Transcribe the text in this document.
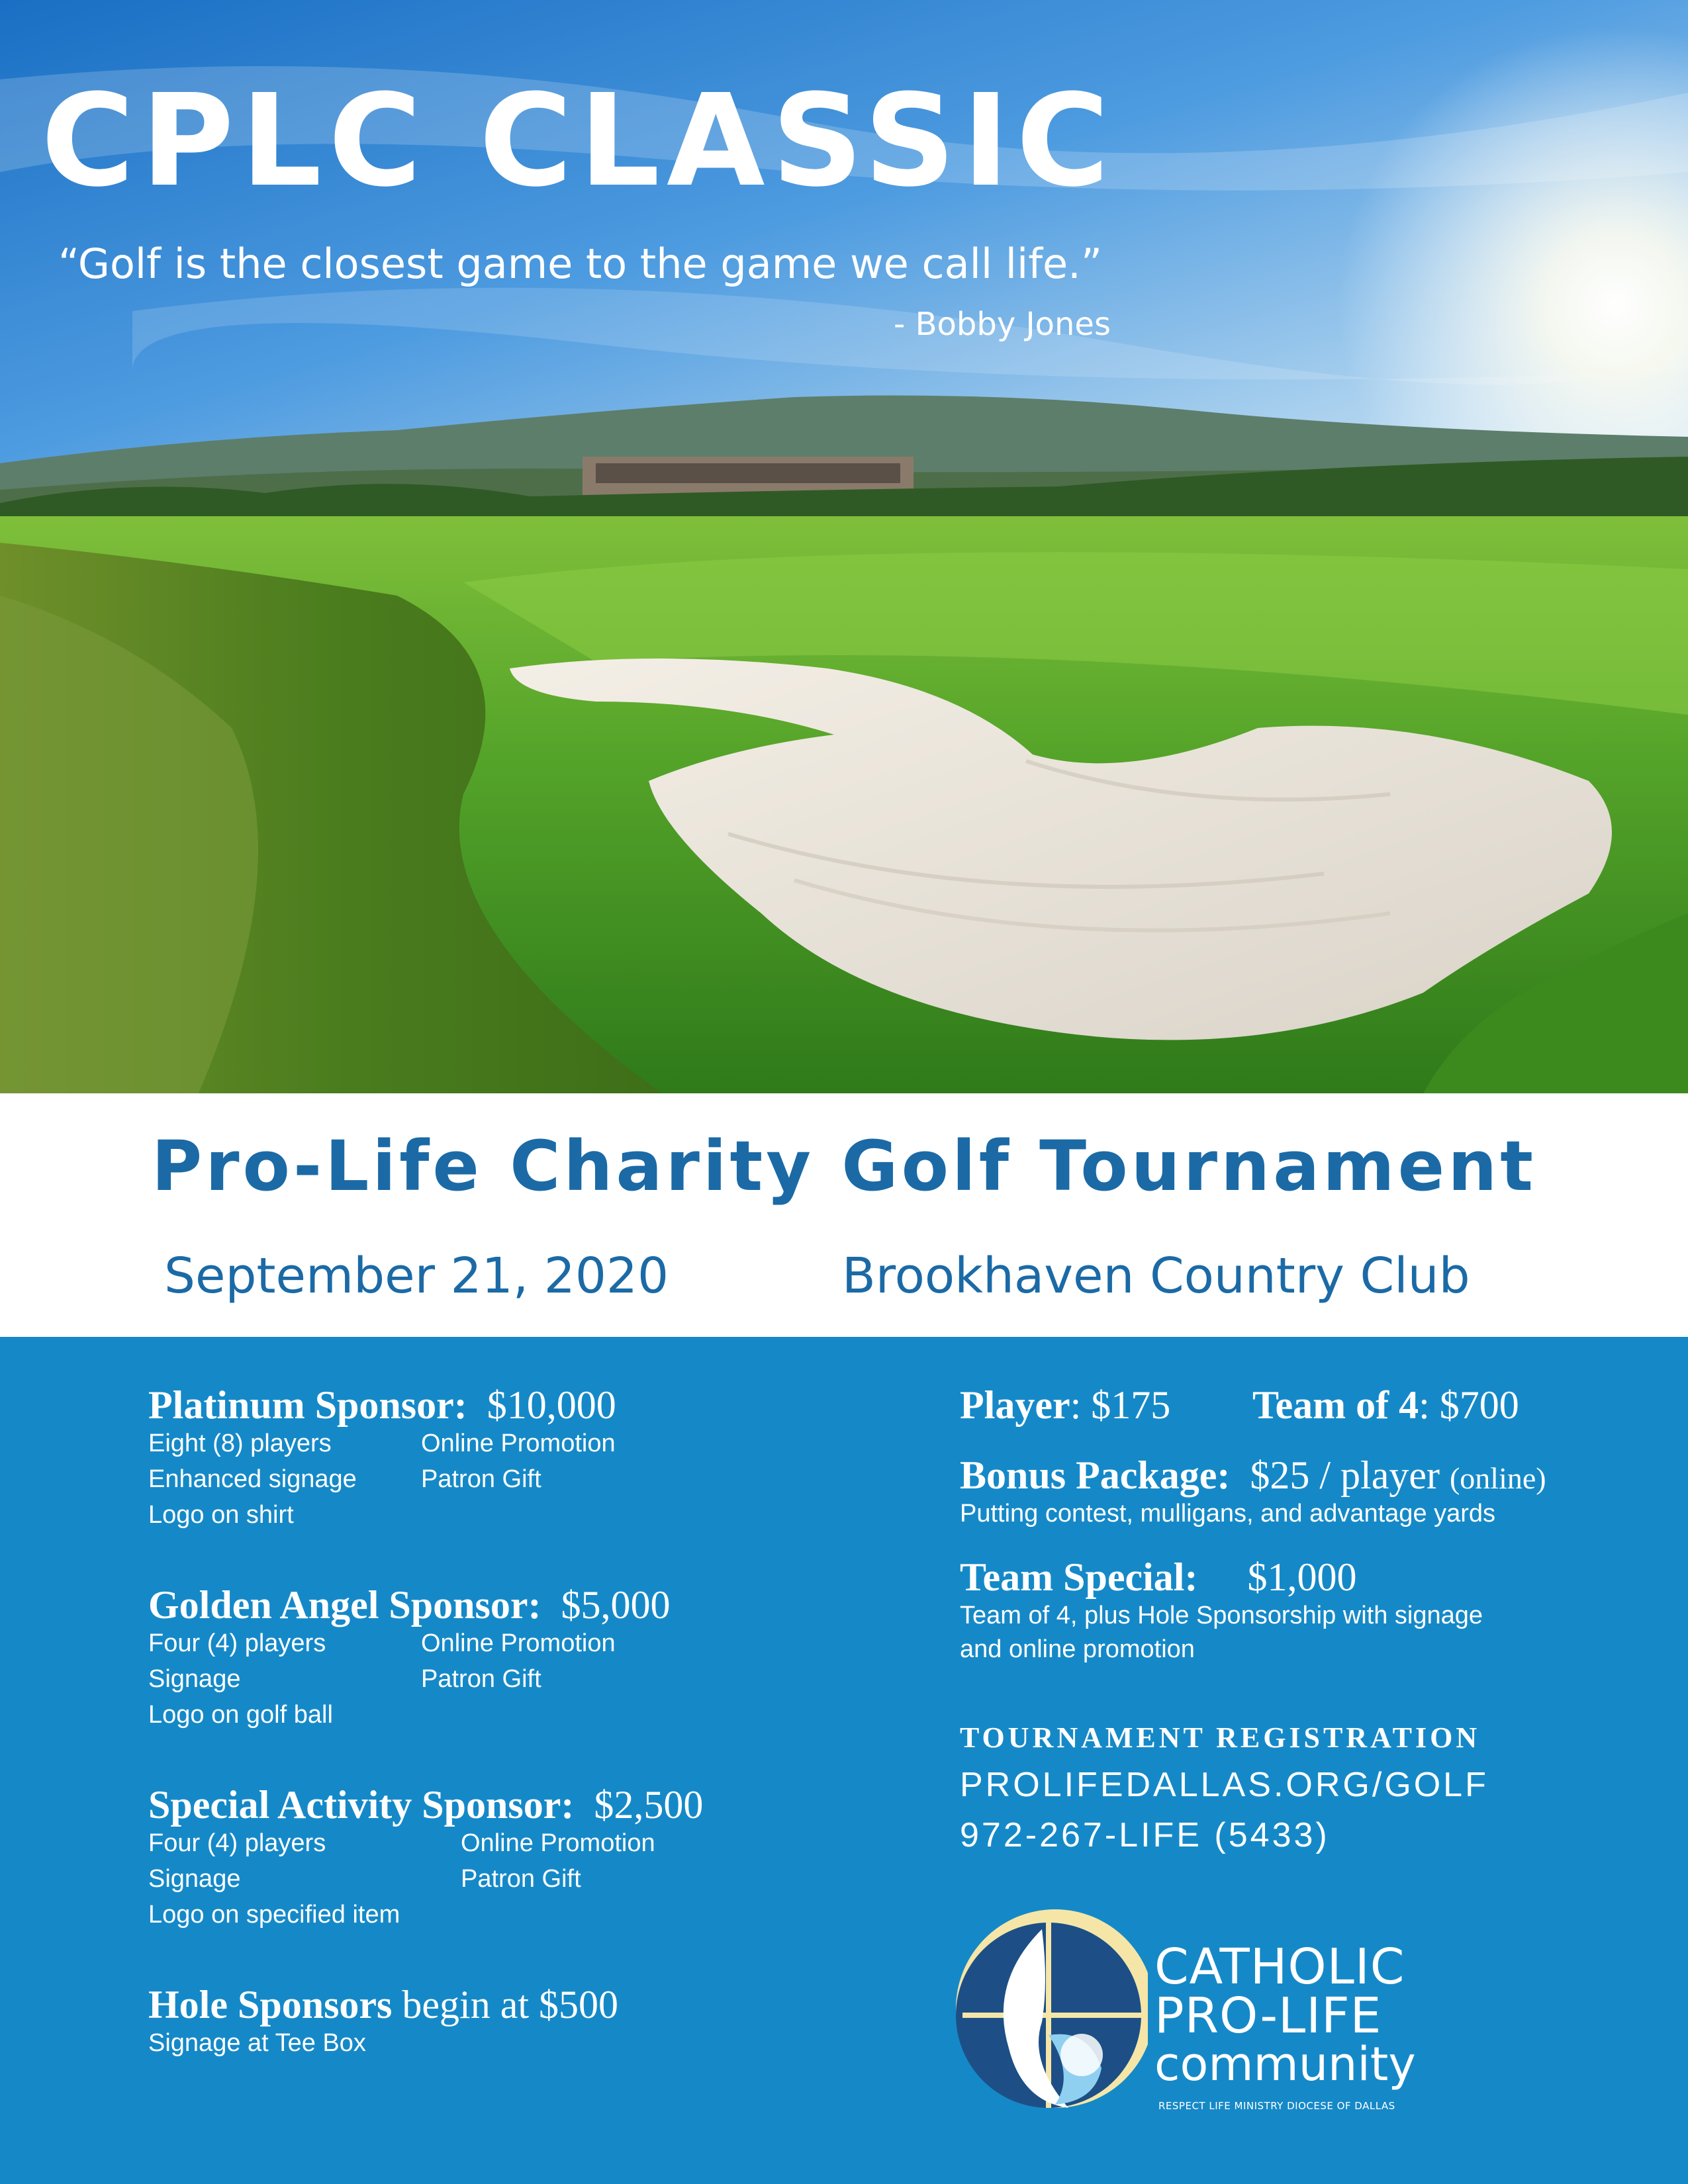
CPLC CLASSIC
“Golf is the closest game to the game we call life.”
- Bobby Jones
Pro-Life Charity Golf Tournament
September 21, 2020	Brookhaven Country Club
Platinum Sponsor: $10,000
Eight (8) players
Enhanced signage
Logo on shirt
Online Promotion
Patron Gift
Golden Angel Sponsor: $5,000
Four (4) players
Signage
Logo on golf ball
Online Promotion
Patron Gift
Special Activity Sponsor: $2,500
Four (4) players
Signage
Logo on specified item
Online Promotion
Patron Gift
Hole Sponsors begin at $500
Signage at Tee Box
Player: $175 Team of 4: $700
Bonus Package: $25 / player (online)
Putting contest, mulligans, and advantage yards
Team Special: $1,000
Team of 4, plus Hole Sponsorship with signage
and online promotion
TOURNAMENT REGISTRATION
PROLIFEDALLAS.ORG/GOLF
972-267-LIFE (5433)
CATHOLIC
PRO-LIFE
community
RESPECT LIFE MINISTRY DIOCESE OF DALLAS
